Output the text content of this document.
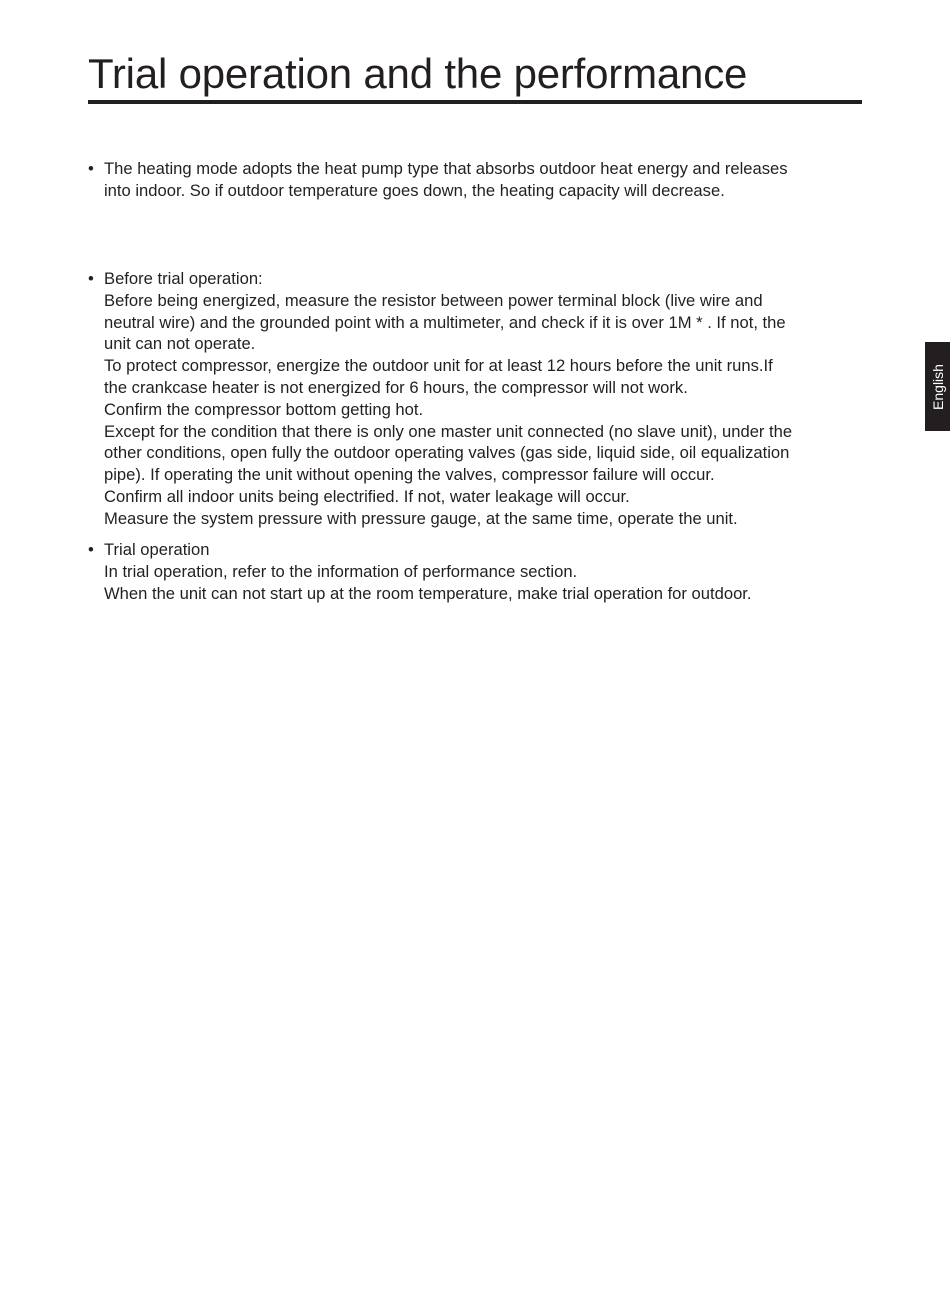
Trial operation and the performance
• The heating mode adopts the heat pump type that absorbs outdoor heat energy and releases
into indoor. So if outdoor temperature goes down, the heating capacity will decrease.
• Before trial operation:
Before being energized, measure the resistor between power terminal block (live wire and
neutral wire) and the grounded point with a multimeter, and check if it is over 1M * . If not, the
unit can not operate.
To protect compressor, energize the outdoor unit for at least 12 hours before the unit runs.If
the crankcase heater is not energized for 6 hours, the compressor will not work.
Confirm the compressor bottom getting hot.
Except for the condition that there is only one master unit connected (no slave unit), under the
other conditions, open fully the outdoor operating valves (gas side, liquid side, oil equalization
pipe). If operating the unit without opening the valves, compressor failure will occur.
Confirm all indoor units being electrified. If not, water leakage will occur.
Measure the system pressure with pressure gauge, at the same time, operate the unit.
• Trial operation
In trial operation, refer to the information of performance section.
When the unit can not start up at the room temperature, make trial operation for outdoor.
English
